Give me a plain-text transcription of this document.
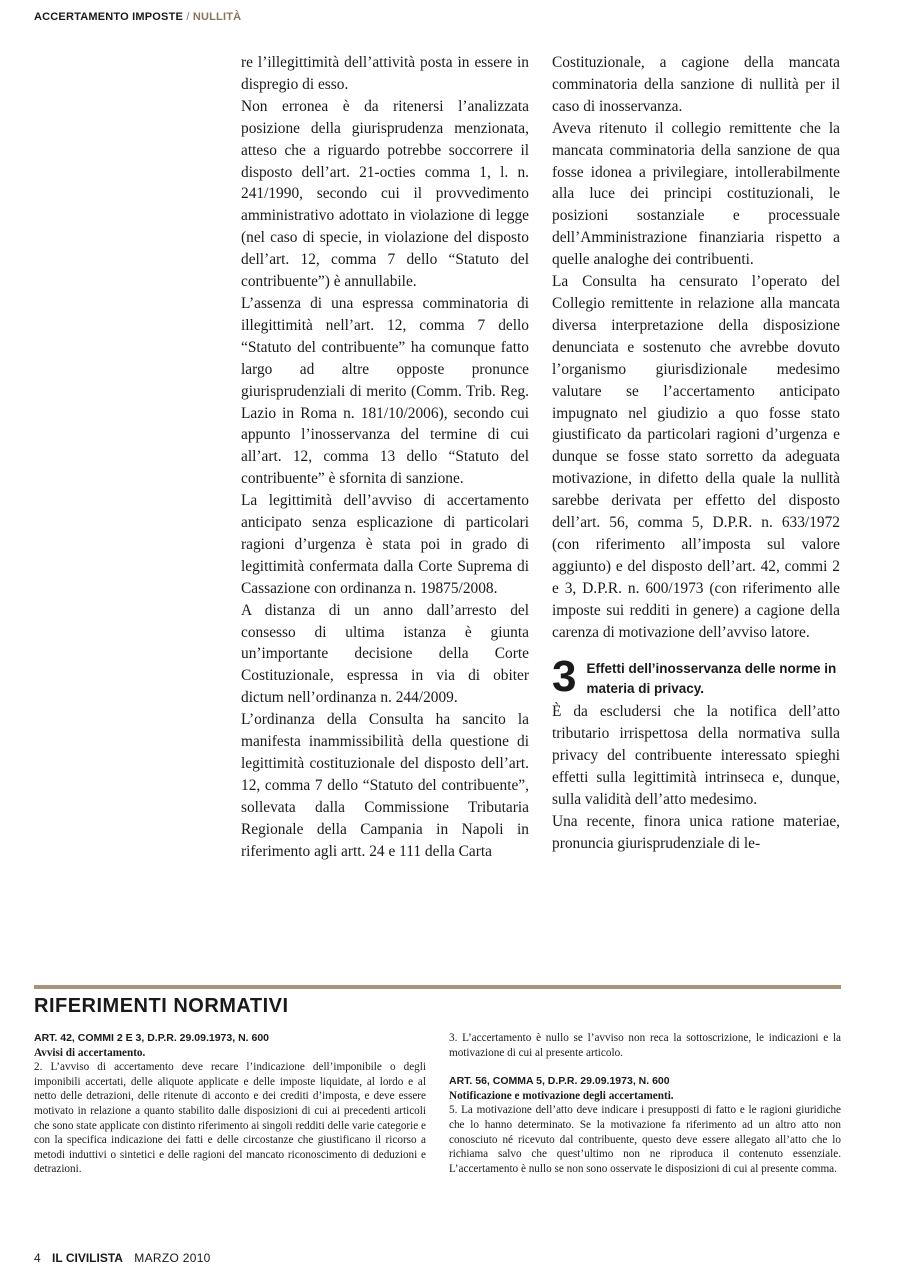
ACCERTAMENTO IMPOSTE / NULLITÀ

re l’illegittimità dell’attività posta in essere in dispregio di esso.

Non erronea è da ritenersi l’analizzata posizione della giurisprudenza menzionata, atteso che a riguardo potrebbe soccorrere il disposto dell’art. 21-octies comma 1, l. n. 241/1990, secondo cui il provvedimento amministrativo adottato in violazione di legge (nel caso di specie, in violazione del disposto dell’art. 12, comma 7 dello “Statuto del contribuente”) è annullabile.

L’assenza di una espressa comminatoria di illegittimità nell’art. 12, comma 7 dello “Statuto del contribuente” ha comunque fatto largo ad altre opposte pronunce giurisprudenziali di merito (Comm. Trib. Reg. Lazio in Roma n. 181/10/2006), secondo cui appunto l’inosservanza del termine di cui all’art. 12, comma 13 dello “Statuto del contribuente” è sfornita di sanzione.

La legittimità dell’avviso di accertamento anticipato senza esplicazione di particolari ragioni d’urgenza è stata poi in grado di legittimità confermata dalla Corte Suprema di Cassazione con ordinanza n. 19875/2008.

A distanza di un anno dall’arresto del consesso di ultima istanza è giunta un’importante decisione della Corte Costituzionale, espressa in via di obiter dictum nell’ordinanza n. 244/2009.

L’ordinanza della Consulta ha sancito la manifesta inammissibilità della questione di legittimità costituzionale del disposto dell’art. 12, comma 7 dello “Statuto del contribuente”, sollevata dalla Commissione Tributaria Regionale della Campania in Napoli in riferimento agli artt. 24 e 111 della Carta

Costituzionale, a cagione della mancata comminatoria della sanzione di nullità per il caso di inosservanza.

Aveva ritenuto il collegio remittente che la mancata comminatoria della sanzione de qua fosse idonea a privilegiare, intollerabilmente alla luce dei principi costituzionali, le posizioni sostanziale e processuale dell’Amministrazione finanziaria rispetto a quelle analoghe dei contribuenti.

La Consulta ha censurato l’operato del Collegio remittente in relazione alla mancata diversa interpretazione della disposizione denunciata e sostenuto che avrebbe dovuto l’organismo giurisdizionale medesimo valutare se l’accertamento anticipato impugnato nel giudizio a quo fosse stato giustificato da particolari ragioni d’urgenza e dunque se fosse stato sorretto da adeguata motivazione, in difetto della quale la nullità sarebbe derivata per effetto del disposto dell’art. 56, comma 5, D.P.R. n. 633/1972 (con riferimento all’imposta sul valore aggiunto) e del disposto dell’art. 42, commi 2 e 3, D.P.R. n. 600/1973 (con riferimento alle imposte sui redditi in genere) a cagione della carenza di motivazione dell’avviso latore.

3 Effetti dell’inosservanza delle norme in materia di privacy.

È da escludersi che la notifica dell’atto tributario irrispettosa della normativa sulla privacy del contribuente interessato spieghi effetti sulla legittimità intrinseca e, dunque, sulla validità dell’atto medesimo.

Una recente, finora unica ratione materiae, pronuncia giurisprudenziale di le-

RIFERIMENTI NORMATIVI

ART. 42, COMMI 2 E 3, D.P.R. 29.09.1973, N. 600

Avvisi di accertamento.

2. L’avviso di accertamento deve recare l’indicazione dell’imponibile o degli imponibili accertati, delle aliquote applicate e delle imposte liquidate, al lordo e al netto delle detrazioni, delle ritenute di acconto e dei crediti d’imposta, e deve essere motivato in relazione a quanto stabilito dalle disposizioni di cui ai precedenti articoli che sono state applicate con distinto riferimento ai singoli redditi delle varie categorie e con la specifica indicazione dei fatti e delle circostanze che giustificano il ricorso a metodi induttivi o sintetici e delle ragioni del mancato riconoscimento di deduzioni e detrazioni.

3. L’accertamento è nullo se l’avviso non reca la sottoscrizione, le indicazioni e la motivazione di cui al presente articolo.

ART. 56, COMMA 5, D.P.R. 29.09.1973, N. 600

Notificazione e motivazione degli accertamenti.

5. La motivazione dell’atto deve indicare i presupposti di fatto e le ragioni giuridiche che lo hanno determinato. Se la motivazione fa riferimento ad un altro atto non conosciuto né ricevuto dal contribuente, questo deve essere allegato all’atto che lo richiama salvo che quest’ultimo non ne riproduca il contenuto essenziale. L’accertamento è nullo se non sono osservate le disposizioni di cui al presente comma.

4 IL CIVILISTA MARZO 2010
